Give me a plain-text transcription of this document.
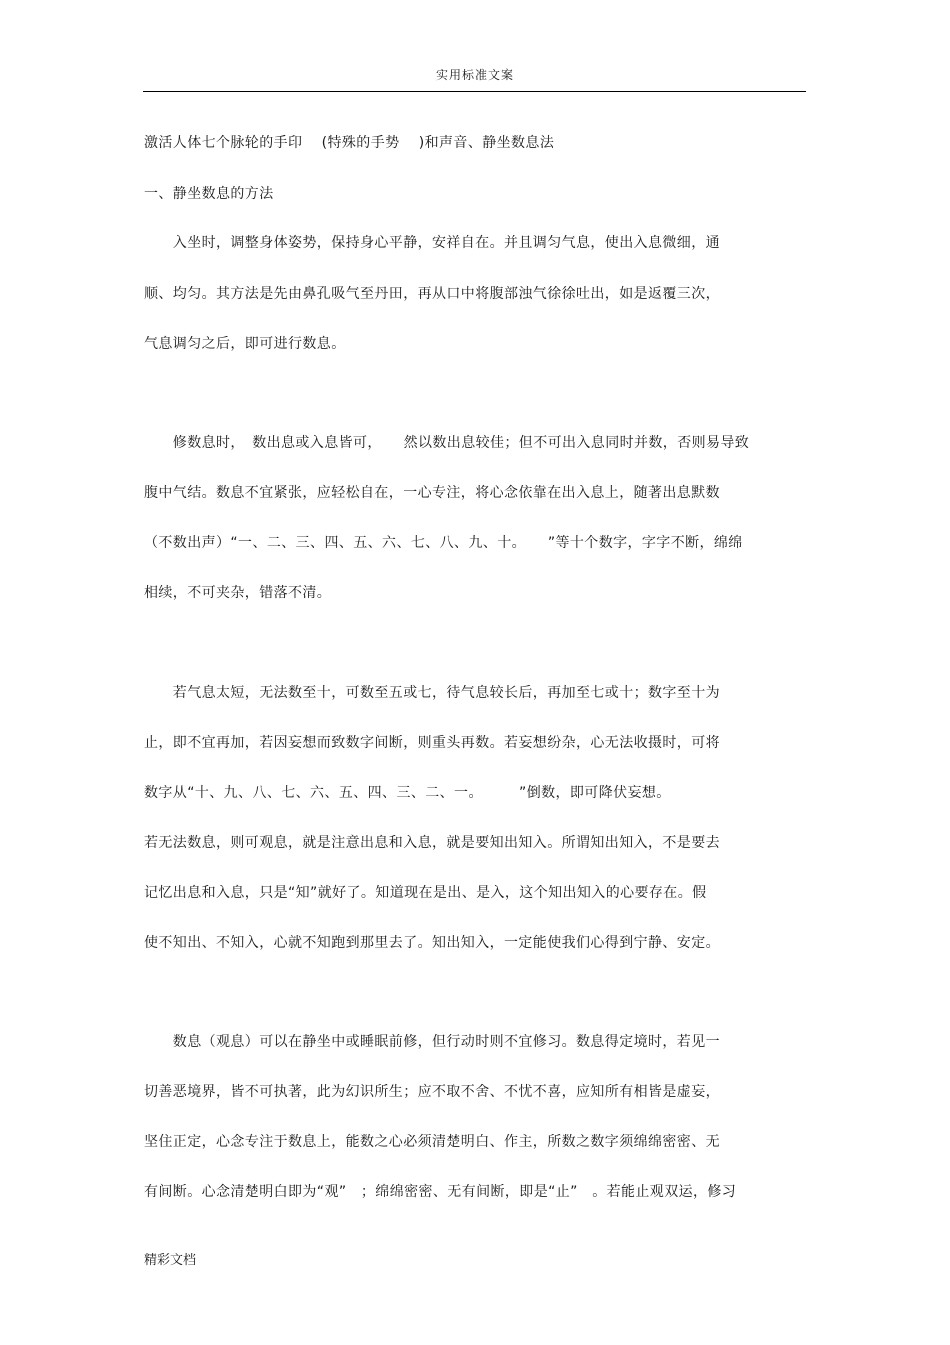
实用标准文案
激活人体七个脉轮的手印 　(特殊的手势 　)和声音、静坐数息法
一、静坐数息的方法
　　入坐时，调整身体姿势，保持身心平静，安祥自在。并且调匀气息，使出入息微细，通
顺、均匀。其方法是先由鼻孔吸气至丹田，再从口中将腹部浊气徐徐吐出，如是返覆三次，
气息调匀之后，即可进行数息。
　　修数息时，　数出息或入息皆可，　　然以数出息较佳；但不可出入息同时并数，否则易导致
腹中气结。数息不宜紧张，应轻松自在，一心专注，将心念依靠在出入息上，随著出息默数
（不数出声）“一、二、三、四、五、六、七、八、九、十。　　”等十个数字，字字不断，绵绵
相续，不可夹杂，错落不清。
　　若气息太短，无法数至十，可数至五或七，待气息较长后，再加至七或十；数字至十为
止，即不宜再加，若因妄想而致数字间断，则重头再数。若妄想纷杂，心无法收摄时，可将
数字从“十、九、八、七、六、五、四、三、二、一。　　　”倒数，即可降伏妄想。
若无法数息，则可观息，就是注意出息和入息，就是要知出知入。所谓知出知入，不是要去
记忆出息和入息，只是“知”就好了。知道现在是出、是入，这个知出知入的心要存在。假
使不知出、不知入，心就不知跑到那里去了。知出知入，一定能使我们心得到宁静、安定。
　　数息（观息）可以在静坐中或睡眠前修，但行动时则不宜修习。数息得定境时，若见一
切善恶境界，皆不可执著，此为幻识所生；应不取不舍、不忧不喜，应知所有相皆是虚妄，
坚住正定，心念专注于数息上，能数之心必须清楚明白、作主，所数之数字须绵绵密密、无
有间断。心念清楚明白即为“观”　；绵绵密密、无有间断，即是“止”　。若能止观双运，修习
精彩文档
